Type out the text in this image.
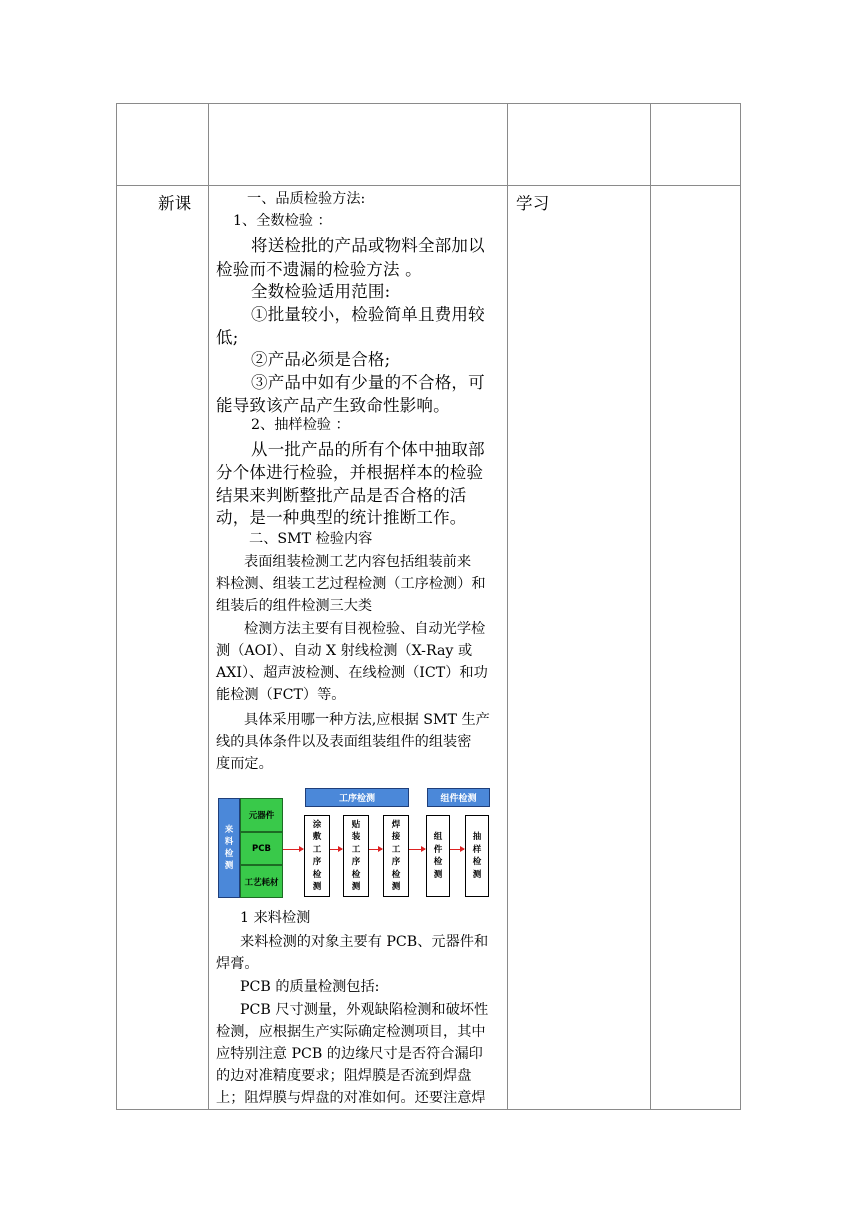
新课	学习
一、品质检验方法:
1、全数检验 ：
将送检批的产品或物料全部加以
检验而不遗漏的检验方法 。
全数检验适用范围:
①批量较小，检验简单且费用较
低;
②产品必须是合格;
③产品中如有少量的不合格，可
能导致该产品产生致命性影响。
2、抽样检验 ：
从一批产品的所有个体中抽取部
分个体进行检验，并根据样本的检验
结果来判断整批产品是否合格的活
动，是一种典型的统计推断工作。
二、SMT 检验内容
表面组装检测工艺内容包括组装前来
料检测、组装工艺过程检测（工序检测）和
组装后的组件检测三大类
检测方法主要有目视检验、自动光学检
测（AOI）、自动 X 射线检测（X-Ray 或
AXI）、超声波检测、在线检测（ICT）和功
能检测（FCT）等。
具体采用哪一种方法,应根据 SMT 生产
线的具体条件以及表面组装组件的组装密
度而定。
工序检测	组件检测
来
料
检
测
元器件
PCB
工艺耗材
涂
敷
工
序
检
测
贴
装
工
序
检
测
焊
接
工
序
检
测
组
件
检
测
抽
样
检
测
1 来料检测
来料检测的对象主要有 PCB、元器件和
焊膏。
PCB 的质量检测包括:
PCB 尺寸测量，外观缺陷检测和破坏性
检测，应根据生产实际确定检测项目，其中
应特别注意 PCB 的边缘尺寸是否符合漏印
的边对准精度要求；阻焊膜是否流到焊盘
上；阻焊膜与焊盘的对准如何。还要注意焊
